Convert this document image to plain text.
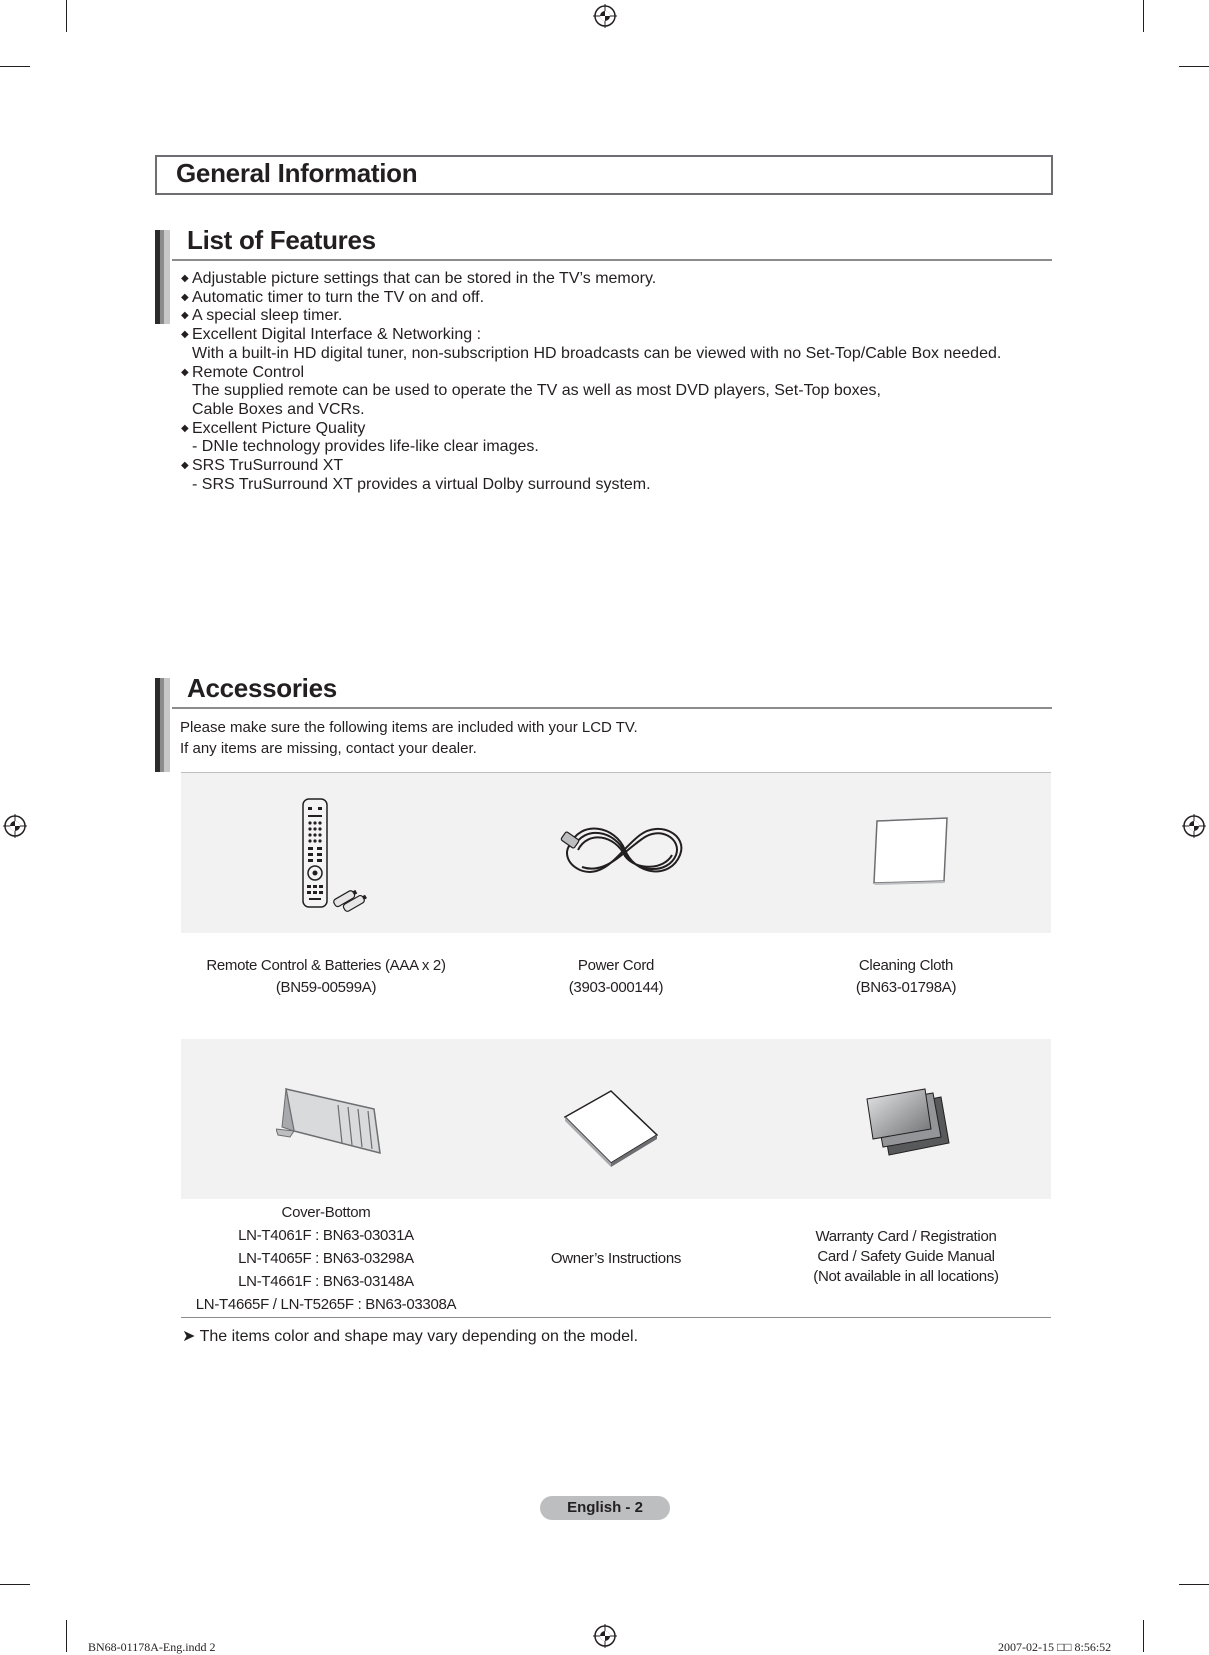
General Information
List of Features
◆ Adjustable picture settings that can be stored in the TV’s memory.
◆ Automatic timer to turn the TV on and off.
◆ A special sleep timer.
◆ Excellent Digital Interface & Networking :
With a built-in HD digital tuner, non-subscription HD broadcasts can be viewed with no Set-Top/Cable Box needed.
◆ Remote Control
The supplied remote can be used to operate the TV as well as most DVD players, Set-Top boxes,
Cable Boxes and VCRs.
◆ Excellent Picture Quality
- DNIe technology provides life-like clear images.
◆ SRS TruSurround XT
- SRS TruSurround XT provides a virtual Dolby surround system.
Accessories
Please make sure the following items are included with your LCD TV.
If any items are missing, contact your dealer.
Remote Control & Batteries (AAA x 2)
(BN59-00599A)
Power Cord
(3903-000144)
Cleaning Cloth
(BN63-01798A)
Cover-Bottom
LN-T4061F : BN63-03031A
LN-T4065F : BN63-03298A
LN-T4661F : BN63-03148A
LN-T4665F / LN-T5265F : BN63-03308A
Owner’s Instructions
Warranty Card / Registration
Card / Safety Guide Manual
(Not available in all locations)
➤ The items color and shape may vary depending on the model.
English - 2
BN68-01178A-Eng.indd 2	2007-02-15 □□ 8:56:52
